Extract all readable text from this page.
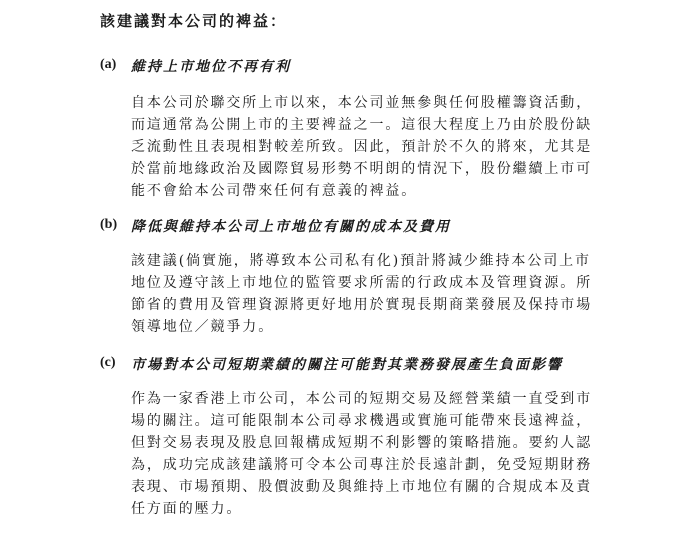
該建議對本公司的裨益：
(a) 維持上市地位不再有利
自本公司於聯交所上市以來，本公司並無參與任何股權籌資活動，
而這通常為公開上市的主要裨益之一。這很大程度上乃由於股份缺
乏流動性且表現相對較差所致。因此，預計於不久的將來，尤其是
於當前地緣政治及國際貿易形勢不明朗的情況下，股份繼續上市可
能不會給本公司帶來任何有意義的裨益。
(b) 降低與維持本公司上市地位有關的成本及費用
該建議(倘實施，將導致本公司私有化)預計將減少維持本公司上市
地位及遵守該上市地位的監管要求所需的行政成本及管理資源。所
節省的費用及管理資源將更好地用於實現長期商業發展及保持市場
領導地位／競爭力。
(c) 市場對本公司短期業績的關注可能對其業務發展產生負面影響
作為一家香港上市公司，本公司的短期交易及經營業績一直受到市
場的關注。這可能限制本公司尋求機遇或實施可能帶來長遠裨益，
但對交易表現及股息回報構成短期不利影響的策略措施。要約人認
為，成功完成該建議將可令本公司專注於長遠計劃，免受短期財務
表現、市場預期、股價波動及與維持上市地位有關的合規成本及責
任方面的壓力。
